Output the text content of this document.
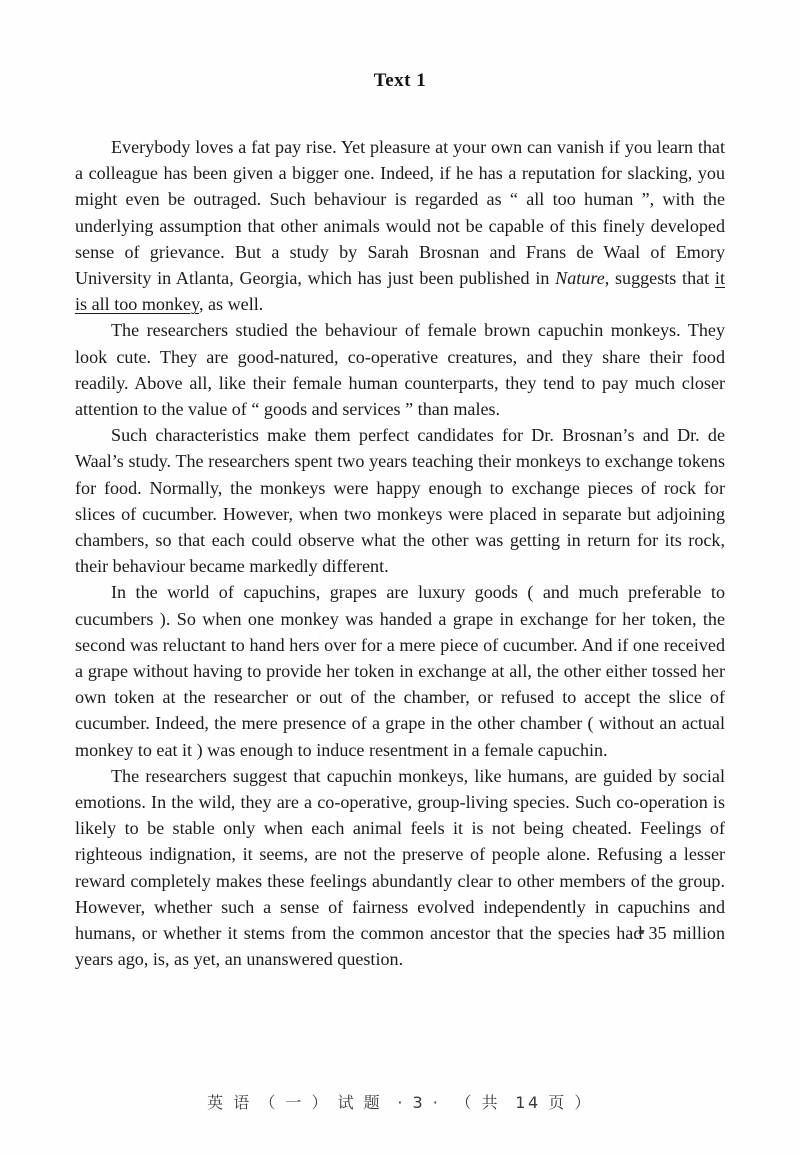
Text 1

Everybody loves a fat pay rise. Yet pleasure at your own can vanish if you learn that a colleague has been given a bigger one. Indeed, if he has a reputation for slacking, you might even be outraged. Such behaviour is regarded as “ all too human ”, with the underlying assumption that other animals would not be capable of this finely developed sense of grievance. But a study by Sarah Brosnan and Frans de Waal of Emory University in Atlanta, Georgia, which has just been published in Nature, suggests that it is all too monkey, as well.

The researchers studied the behaviour of female brown capuchin monkeys. They look cute. They are good-natured, co-operative creatures, and they share their food readily. Above all, like their female human counterparts, they tend to pay much closer attention to the value of “ goods and services ” than males.

Such characteristics make them perfect candidates for Dr. Brosnan’s and Dr. de Waal’s study. The researchers spent two years teaching their monkeys to exchange tokens for food. Normally, the monkeys were happy enough to exchange pieces of rock for slices of cucumber. However, when two monkeys were placed in separate but adjoining chambers, so that each could observe what the other was getting in return for its rock, their behaviour became markedly different.

In the world of capuchins, grapes are luxury goods ( and much preferable to cucumbers ). So when one monkey was handed a grape in exchange for her token, the second was reluctant to hand hers over for a mere piece of cucumber. And if one received a grape without having to provide her token in exchange at all, the other either tossed her own token at the researcher or out of the chamber, or refused to accept the slice of cucumber. Indeed, the mere presence of a grape in the other chamber ( without an actual monkey to eat it ) was enough to induce resentment in a female capuchin.

The researchers suggest that capuchin monkeys, like humans, are guided by social emotions. In the wild, they are a co-operative, group-living species. Such co-operation is likely to be stable only when each animal feels it is not being cheated. Feelings of righteous indignation, it seems, are not the preserve of people alone. Refusing a lesser reward completely makes these feelings abundantly clear to other members of the group. However, whether such a sense of fairness evolved independently in capuchins and humans, or whether it stems from the common ancestor that the species had 35 million years ago, is, as yet, an unanswered question.

英 语 （ 一 ） 试 题  · 3 ·  （ 共  14 页 ）
